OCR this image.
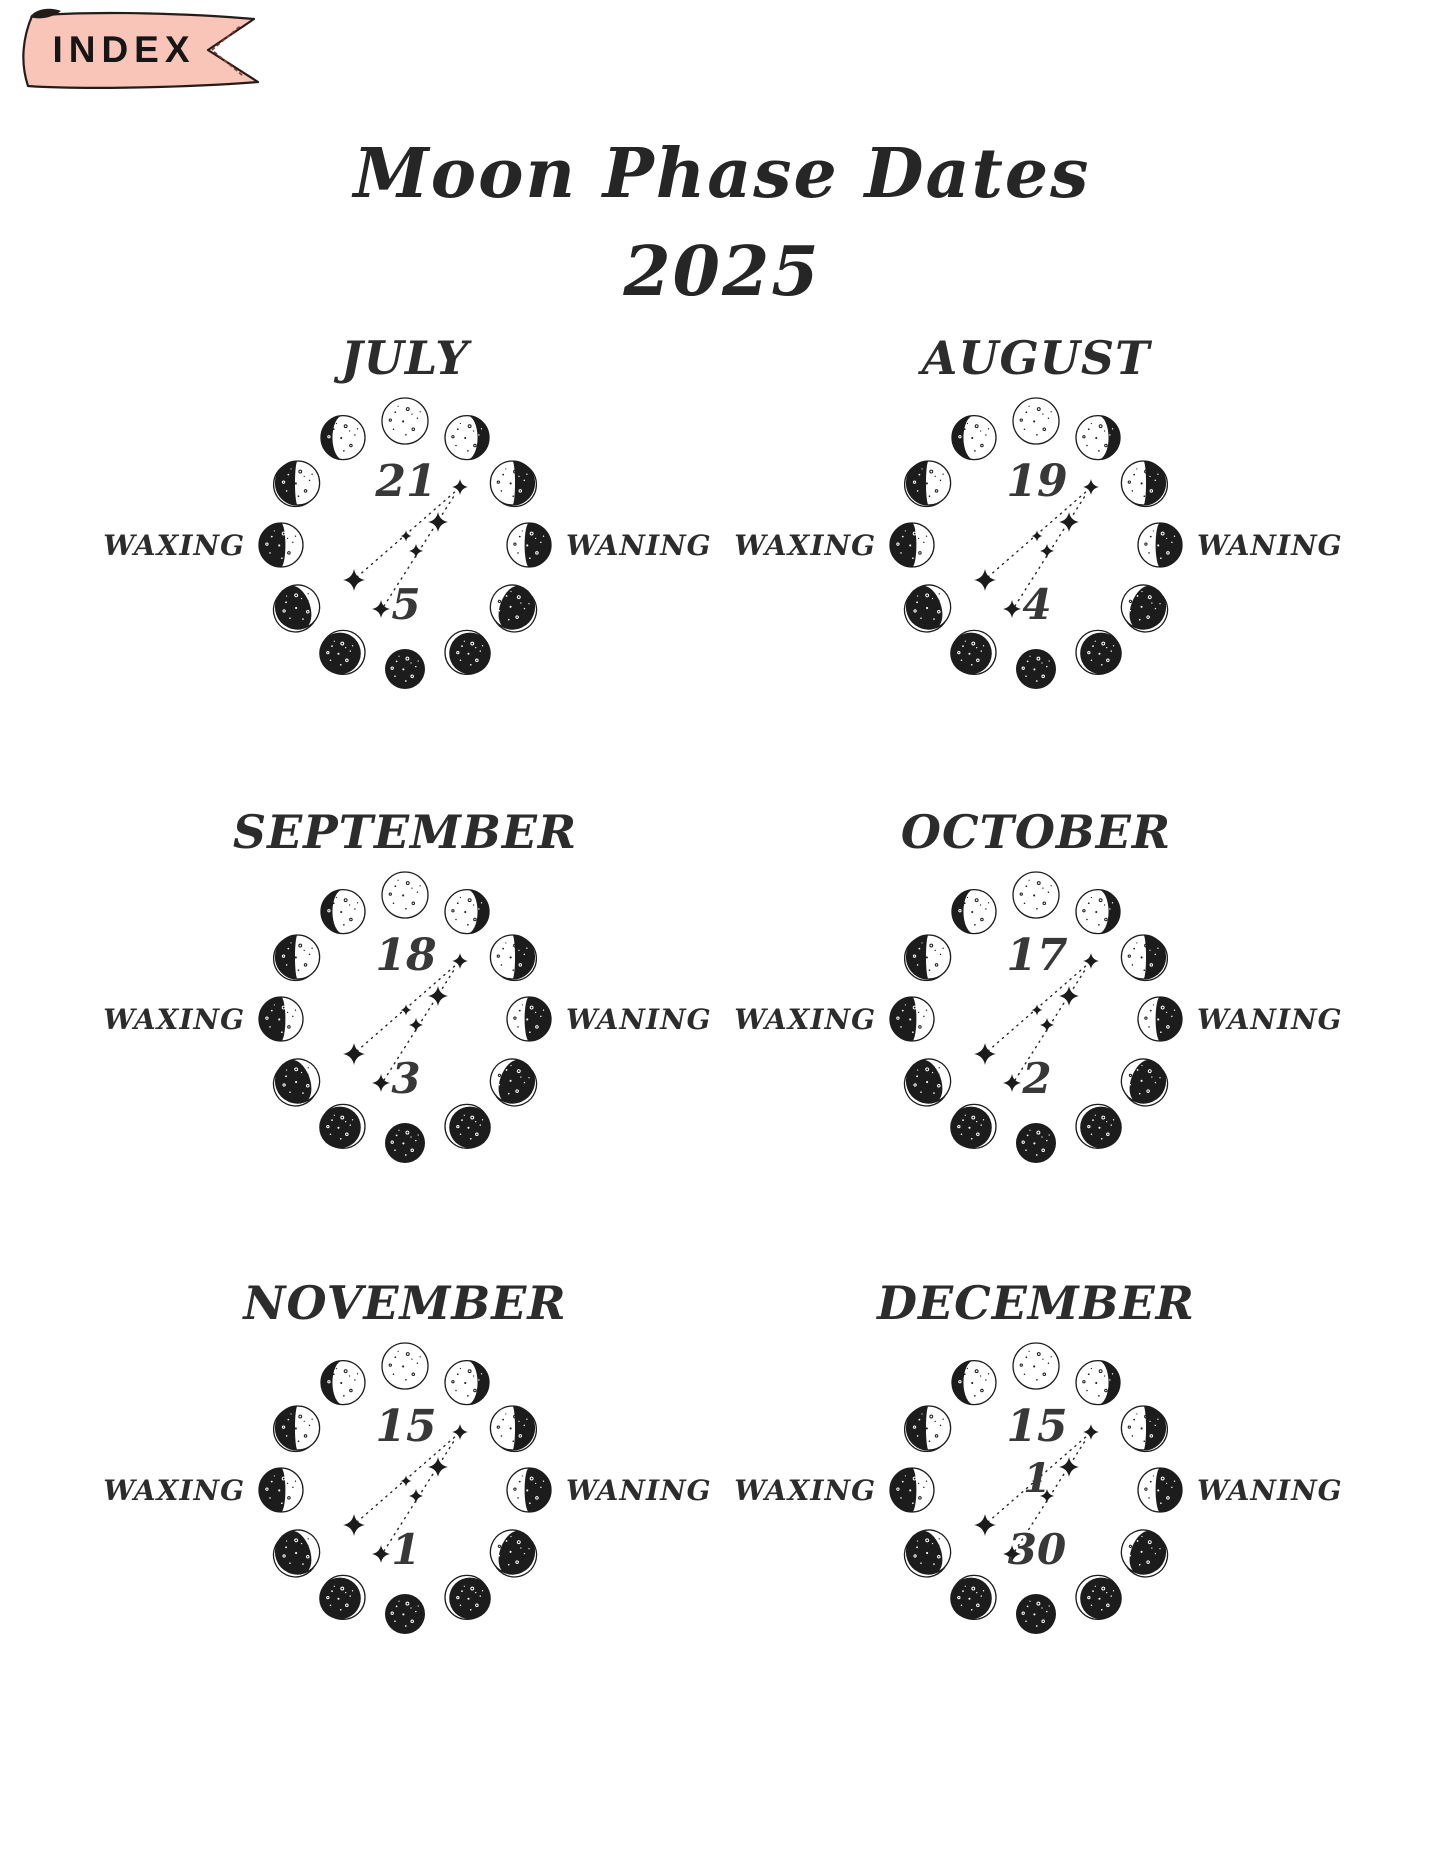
INDEX
Moon Phase Dates
2025
JULY
WAXING	WANING
21
5
AUGUST
WAXING	WANING
19
4
SEPTEMBER
WAXING	WANING
18
3
OCTOBER
WAXING	WANING
17
2
NOVEMBER
WAXING	WANING
15
1
DECEMBER
WAXING	WANING
15
1
30
